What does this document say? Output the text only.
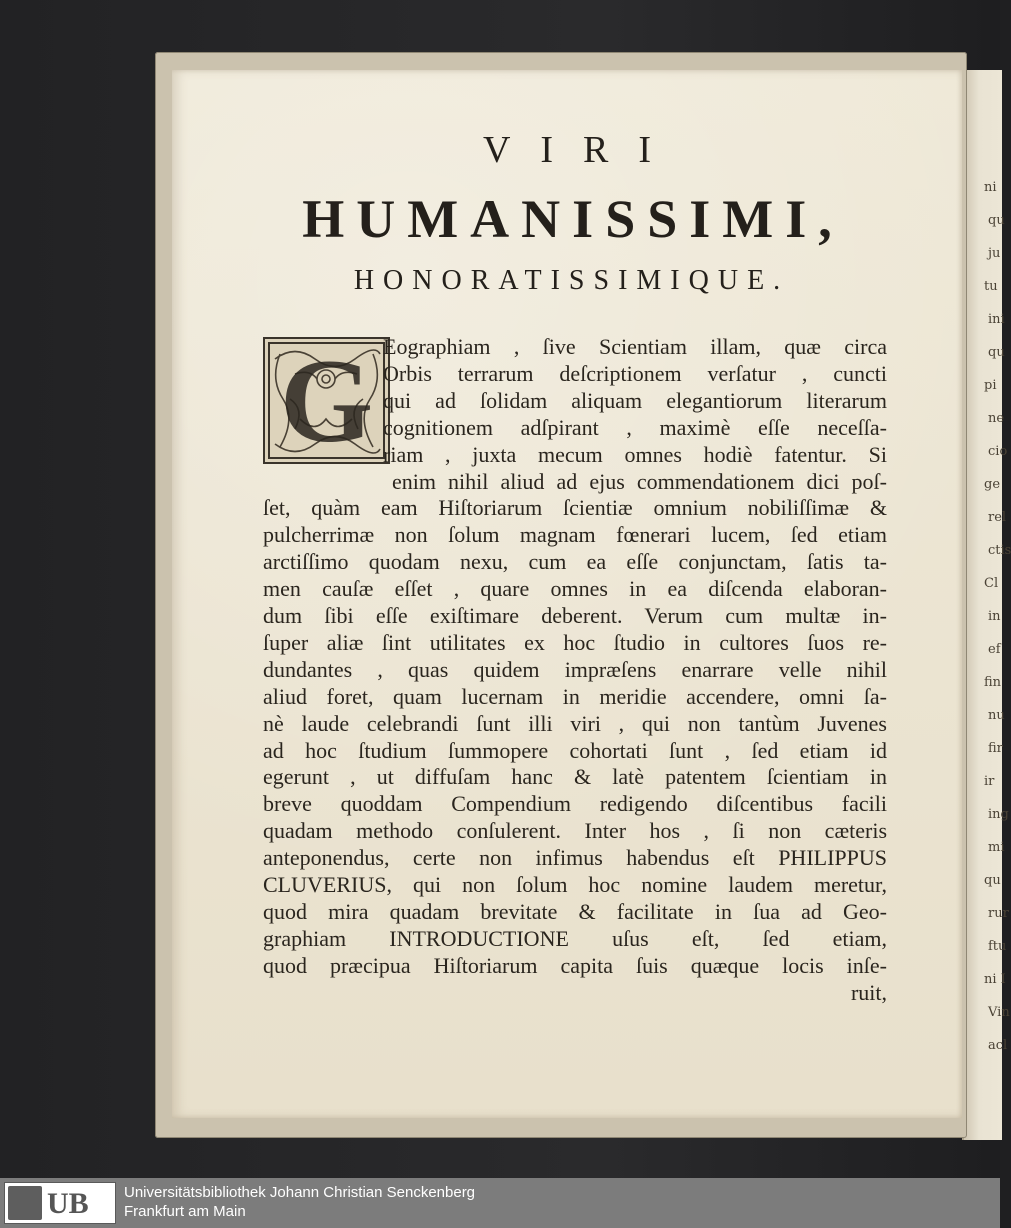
ni
qu
ju
tu
ini
qu
pi
ne
cio
ge
rel
ctis
Cl
in
ef
fin
nu
fir
ir
ing
mi
qu
rur
ftu
ni I
Vin
acl
VIRI
HUMANISSIMI,
HONORATISSIMIQUE.
G Eographiam , ſive Scientiam illam, quæ circa
Orbis terrarum deſcriptionem verſatur , cuncti
qui ad ſolidam aliquam elegantiorum literarum
cognitionem adſpirant , maximè eſſe neceſſa-
riam , juxta mecum omnes hodiè fatentur. Si
enim nihil aliud ad ejus commendationem dici poſ-
ſet, quàm eam Hiſtoriarum ſcientiæ omnium nobiliſſimæ &
pulcherrimæ non ſolum magnam fœnerari lucem, ſed etiam
arctiſſimo quodam nexu, cum ea eſſe conjunctam, ſatis ta-
men cauſæ eſſet , quare omnes in ea diſcenda elaboran-
dum ſibi eſſe exiſtimare deberent. Verum cum multæ in-
ſuper aliæ ſint utilitates ex hoc ſtudio in cultores ſuos re-
dundantes , quas quidem impræſens enarrare velle nihil
aliud foret, quam lucernam in meridie accendere, omni ſa-
nè laude celebrandi ſunt illi viri , qui non tantùm Juvenes
ad hoc ſtudium ſummopere cohortati ſunt , ſed etiam id
egerunt , ut diffuſam hanc & latè patentem ſcientiam in
breve quoddam Compendium redigendo diſcentibus facili
quadam methodo conſulerent. Inter hos , ſi non cæteris
anteponendus, certe non infimus habendus eſt PHILIPPUS
CLUVERIUS, qui non ſolum hoc nomine laudem meretur,
quod mira quadam brevitate & facilitate in ſua ad Geo-
graphiam INTRODUCTIONE uſus eſt, ſed etiam,
quod præcipua Hiſtoriarum capita ſuis quæque locis inſe-
ruit,
UB Universitätsbibliothek Johann Christian Senckenberg
Frankfurt am Main
